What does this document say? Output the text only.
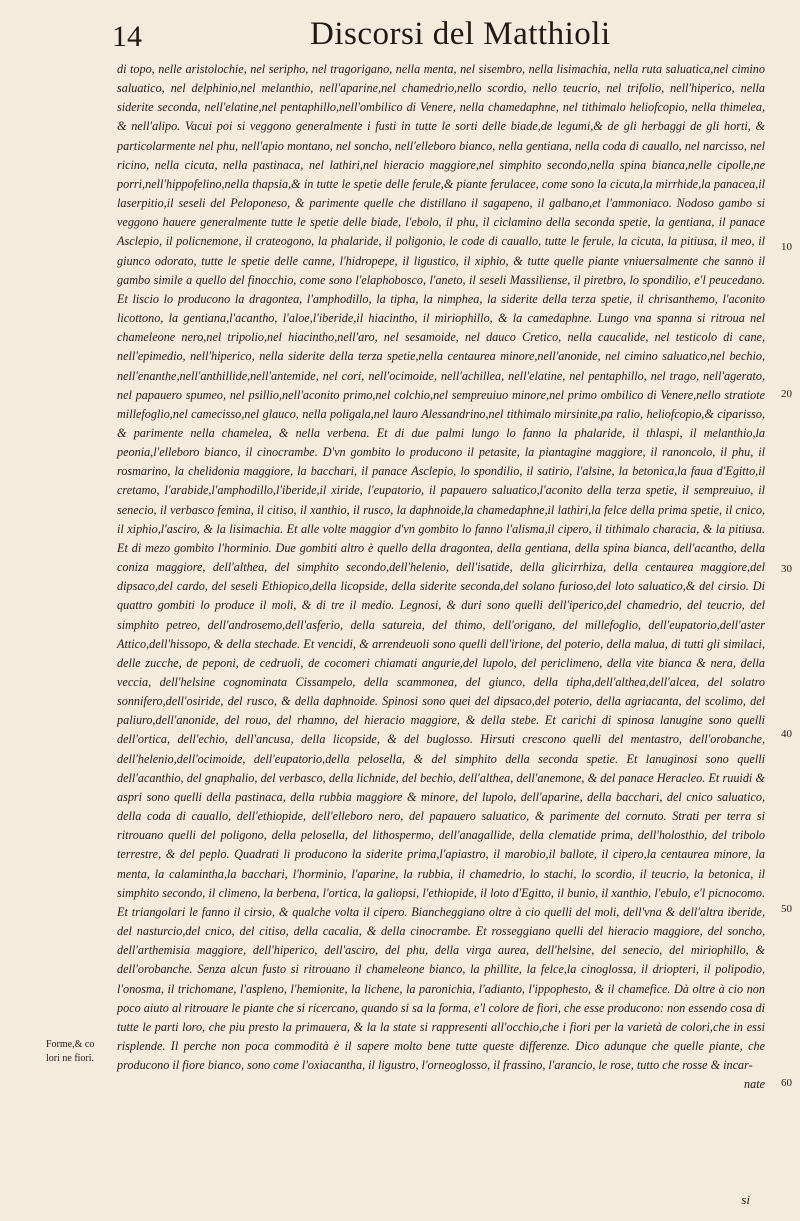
14	Discorsi del Matthioli

di topo, nelle aristolochie, nel seripho, nel tragorigano, nella menta, nel sisembro, nella lisimachia, nella ruta saluatica,nel cimino saluatico, nel delphinio,nel melanthio, nell'aparine,nel chamedrio,nello scordio, nello teucrio, nel trifolio, nell'hiperico, nella siderite seconda, nell'elatine,nel pentaphillo,nell'ombilico di Venere, nella chamedaphne, nel tithimalo heliofcopio, nella thimelea, & nell'alipo. Vacui poi si veggono generalmente i fusti in tutte le sorti delle biade,de legumi,& de gli herbaggi de gli horti, & particolarmente nel phu, nell'apio montano, nel soncho, nell'elleboro bianco, nella gentiana, nella coda di cauallo, nel narcisso, nel ricino, nella cicuta, nella pastinaca, nel lathiri,nel hieracio maggiore,nel simphito secondo,nella spina bianca,nelle cipolle,ne porri,nell'hippofelino,nella thapsia,& in tutte le spetie delle ferule,& piante ferulacee, come sono la cicuta,la mirrhide,la panacea,il laserpitio,il seseli del Peloponeso, & parimente quelle che distillano il sagapeno, il galbano,et l'ammoniaco. Nodoso gambo si veggono hauere generalmente tutte le spetie delle biade, l'ebolo, il phu, il ciclamino della seconda spetie, la gentiana, il panace Asclepio, il policnemone, il crateogono, la phalaride, il poligonio, le code di cauallo, tutte le ferule, la cicuta, la pitiusa, il meo, il giunco odorato, tutte le spetie delle canne, l'hidropepe, il ligustico, il xiphio, & tutte quelle piante vniuersalmente che sanno il gambo simile a quello del finocchio, come sono l'elaphobosco, l'aneto, il seseli Massiliense, il piretbro, lo spondilio, e'l peucedano. Et liscio lo producono la dragontea, l'amphodillo, la tipha, la nimphea, la siderite della terza spetie, il chrisanthemo, l'aconito licottono, la gentiana,l'acantho, l'aloe,l'iberide,il hiacintho, il miriophillo, & la camedaphne. Lungo vna spanna si ritroua nel chameleone nero,nel tripolio,nel hiacintho,nell'aro, nel sesamoide, nel dauco Cretico, nella caucalide, nel testicolo di cane, nell'epimedio, nell'hiperico, nella siderite della terza spetie,nella centaurea minore,nell'anonide, nel cimino saluatico,nel bechio, nell'enanthe,nell'anthillide,nell'antemide, nel cori, nell'ocimoide, nell'achillea, nell'elatine, nel pentaphillo, nel trago, nell'agerato, nel papauero spumeo, nel psillio,nell'aconito primo,nel colchio,nel sempreuiuo minore,nel primo ombilico di Venere,nello stratiote millefoglio,nel camecisso,nel glauco, nella poligala,nel lauro Alessandrino,nel tithimalo mirsinite,pa ralio, heliofcopio,& ciparisso, & parimente nella chamelea, & nella verbena. Et di due palmi lungo lo fanno la phalaride, il thlaspi, il melanthio,la peonia,l'elleboro bianco, il cinocrambe. D'vn gombito lo producono il petasite, la piantagine maggiore, il ranoncolo, il phu, il rosmarino, la chelidonia maggiore, la bacchari, il panace Asclepio, lo spondilio, il satirio, l'alsine, la betonica,la faua d'Egitto,il cretamo, l'arabide,l'amphodillo,l'iberide,il xiride, l'eupatorio, il papauero saluatico,l'aconito della terza spetie, il sempreuiuo, il senecio, il verbasco femina, il citiso, il xanthio, il rusco, la daphnoide,la chamedaphne,il lathiri,la felce della prima spetie, il cnico, il xiphio,l'asciro, & la lisimachia. Et alle volte maggior d'vn gombito lo fanno l'alisma,il cipero, il tithimalo characia, & la pitiusa. Et di mezo gombito l'horminio. Due gombiti altro è quello della dragontea, della gentiana, della spina bianca, dell'acantho, della coniza maggiore, dell'althea, del simphito secondo,dell'helenio, dell'isatide, della glicirrhiza, della centaurea maggiore,del dipsaco,del cardo, del seseli Ethiopico,della licopside, della siderite seconda,del solano furioso,del loto saluatico,& del cirsio. Di quattro gombiti lo produce il moli, & di tre il medio. Legnosi, & duri sono quelli dell'iperico,del chamedrio, del teucrio, del simphito petreo, dell'androsemo,dell'asferio, della satureia, del thimo, dell'origano, del millefoglio, dell'eupatorio,dell'aster Attico,dell'hissopo, & della stechade. Et vencidi, & arrendeuoli sono quelli dell'irione, del poterio, della malua, di tutti gli similaci, delle zucche, de peponi, de cedruoli, de cocomeri chiamati angurie,del lupolo, del periclimeno, della vite bianca & nera, della veccia, dell'helsine cognominata Cissampelo, della scammonea, del giunco, della tipha,dell'althea,dell'alcea, del solatro sonnifero,dell'osiride, del rusco, & della daphnoide. Spinosi sono quei del dipsaco,del poterio, della agriacanta, del scolimo, del paliuro,dell'anonide, del rouo, del rhamno, del hieracio maggiore, & della stebe. Et carichi di spinosa lanugine sono quelli dell'ortica, dell'echio, dell'ancusa, della licopside, & del buglosso. Hirsuti crescono quelli del mentastro, dell'orobanche, dell'helenio,dell'ocimoide, dell'eupatorio,della pelosella, & del simphito della seconda spetie. Et lanuginosi sono quelli dell'acanthio, del gnaphalio, del verbasco, della lichnide, del bechio, dell'althea, dell'anemone, & del panace Heracleo. Et ruuidi & aspri sono quelli della pastinaca, della rubbia maggiore & minore, del lupolo, dell'aparine, della bacchari, del cnico saluatico, della coda di cauallo, dell'ethiopide, dell'elleboro nero, del papauero saluatico, & parimente del cornuto. Strati per terra si ritrouano quelli del poligono, della pelosella, del lithospermo, dell'anagallide, della clematide prima, dell'holosthio, del tribolo terrestre, & del peplo. Quadrati li producono la siderite prima,l'apiastro, il marobio,il ballote, il cipero,la centaurea minore, la menta, la calamintha,la bacchari, l'horminio, l'aparine, la rubbia, il chamedrio, lo stachi, lo scordio, il teucrio, la betonica, il simphito secondo, il climeno, la berbena, l'ortica, la galiopsi, l'ethiopide, il loto d'Egitto, il bunio, il xanthio, l'ebulo, e'l picnocomo. Et triangolari le fanno il cirsio, & qualche volta il cipero. Biancheggiano oltre à cio quelli del moli, dell'vna & dell'altra iberide, del nasturcio,del cnico, del citiso, della cacalia, & della cinocrambe. Et rosseggiano quelli del hieracio maggiore, del soncho, dell'arthemisia maggiore, dell'hiperico, dell'asciro, del phu, della virga aurea, dell'helsine, del senecio, del miriophillo, & dell'orobanche. Senza alcun fusto si ritrouano il chameleone bianco, la phillite, la felce,la cinoglossa, il driopteri, il polipodio, l'onosma, il trichomane, l'aspleno, l'hemionite, la lichene, la paronichia, l'adianto, l'ippophesto, & il chamefice. Dà oltre à cio non poco aiuto al ritrouare le piante che si ricercano, quando si sa la forma, e'l colore de fiori, che esse producono: non essendo cosa di tutte le parti loro, che piu presto la primauera, & la la state si rappresenti all'occhio,che i fiori per la varietà de colori,che in essi risplende. Il perche non poca commodità è il sapere molto bene tutte queste differenze. Dico adunque che quelle piante, che producono il fiore bianco, sono come l'oxiacantha, il ligustro, l'orneoglosso, il frassino, l'arancio, le rose, tutto che rosse & incar-

nate

10
20
30
40
50
60
Forme,& co
lori ne fiori.
si
